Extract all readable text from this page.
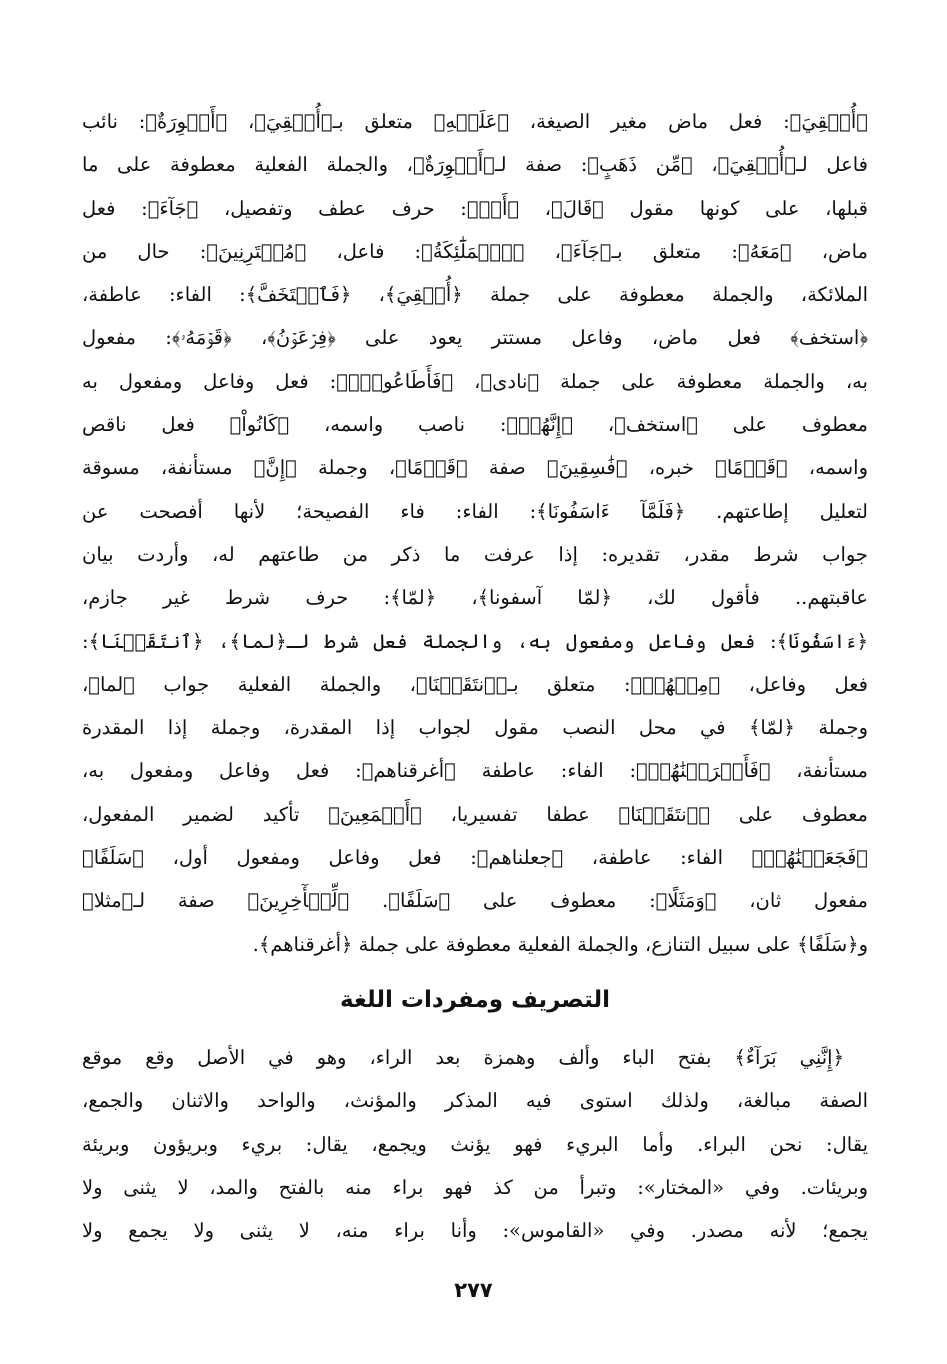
﴿أُلۡقِيَ﴾: فعل ماض مغير الصيغة، ﴿عَلَيۡهِ﴾ متعلق بـ﴿أُلۡقِيَ﴾، ﴿أَسۡوِرَةٌ﴾: نائب
فاعل لـ﴿أُلۡقِيَ﴾، ﴿مِّن ذَهَبٍ﴾: صفة لـ﴿أَسۡوِرَةٌ﴾، والجملة الفعلية معطوفة على ما
قبلها، على كونها مقول ﴿قَالَ﴾، ﴿أَوۡ﴾: حرف عطف وتفصيل، ﴿جَآءَ﴾: فعل
ماض، ﴿مَعَهُ﴾: متعلق بـ﴿جَآءَ﴾، ﴿ٱلۡمَلَٰٓئِكَةُ﴾: فاعل، ﴿مُقۡتَرِنِينَ﴾: حال من
الملائكة، والجملة معطوفة على جملة ﴿أُلۡقِيَ﴾، ﴿فَٱسۡتَخَفَّ﴾: الفاء: عاطفة،
﴿استخف﴾ فعل ماض، وفاعل مستتر يعود على ﴿فِرۡعَوۡنُ﴾، ﴿قَوۡمَهُۥ﴾: مفعول
به، والجملة معطوفة على جملة ﴿نادى﴾، ﴿فَأَطَاعُوهُۚ﴾: فعل وفاعل ومفعول به
معطوف على ﴿استخف﴾، ﴿إِنَّهُمۡ﴾: ناصب واسمه، ﴿كَانُواْ﴾ فعل ناقص
واسمه، ﴿قَوۡمًا﴾ خبره، ﴿فَٰسِقِينَ﴾ صفة ﴿قَوۡمًا﴾، وجملة ﴿إِنَّ﴾ مستأنفة، مسوقة
لتعليل إطاعتهم. ﴿فَلَمَّآ ءَاسَفُونَا﴾: الفاء: فاء الفصيحة؛ لأنها أفصحت عن
جواب شرط مقدر، تقديره: إذا عرفت ما ذكر من طاعتهم له، وأردت بيان
عاقبتهم.. فأقول لك، ﴿لمّا آسفونا﴾، ﴿لمّا﴾: حرف شرط غير جازم،
﴿ءَاسَفُونَا﴾: فعل وفاعل ومفعول به، والجملة فعل شرط لـ﴿لما﴾، ﴿ٱنتَقَمۡنَا﴾:
فعل وفاعل، ﴿مِنۡهُمۡ﴾: متعلق بـ﴿ٱنتَقَمۡنَا﴾، والجملة الفعلية جواب ﴿لما﴾،
وجملة ﴿لمّا﴾ في محل النصب مقول لجواب إذا المقدرة، وجملة إذا المقدرة
مستأنفة، ﴿فَأَغۡرَقۡنَٰهُمۡ﴾: الفاء: عاطفة ﴿أغرقناهم﴾: فعل وفاعل ومفعول به،
معطوف على ﴿ٱنتَقَمۡنَا﴾ عطفا تفسيريا، ﴿أَجۡمَعِينَ﴾ تأكيد لضمير المفعول،
﴿فَجَعَلۡنَٰهُمۡ﴾ الفاء: عاطفة، ﴿جعلناهم﴾: فعل وفاعل ومفعول أول، ﴿سَلَفًا﴾
مفعول ثان، ﴿وَمَثَلًا﴾: معطوف على ﴿سَلَفًا﴾. ﴿لِّلۡأٓخِرِينَ﴾ صفة لـ﴿مثلا﴾
و﴿سَلَفًا﴾ على سبيل التنازع، والجملة الفعلية معطوفة على جملة ﴿أغرقناهم﴾.

التصريف ومفردات اللغة

﴿إِنَّنِي بَرَآءٌ﴾ بفتح الباء وألف وهمزة بعد الراء، وهو في الأصل وقع موقع
الصفة مبالغة، ولذلك استوى فيه المذكر والمؤنث، والواحد والاثنان والجمع،
يقال: نحن البراء. وأما البريء فهو يؤنث ويجمع، يقال: بريء وبريؤون وبريئة
وبريئات. وفي «المختار»: وتبرأ من كذ فهو براء منه بالفتح والمد، لا يثنى ولا
يجمع؛ لأنه مصدر. وفي «القاموس»: وأنا براء منه، لا يثنى ولا يجمع ولا

٢٧٧
